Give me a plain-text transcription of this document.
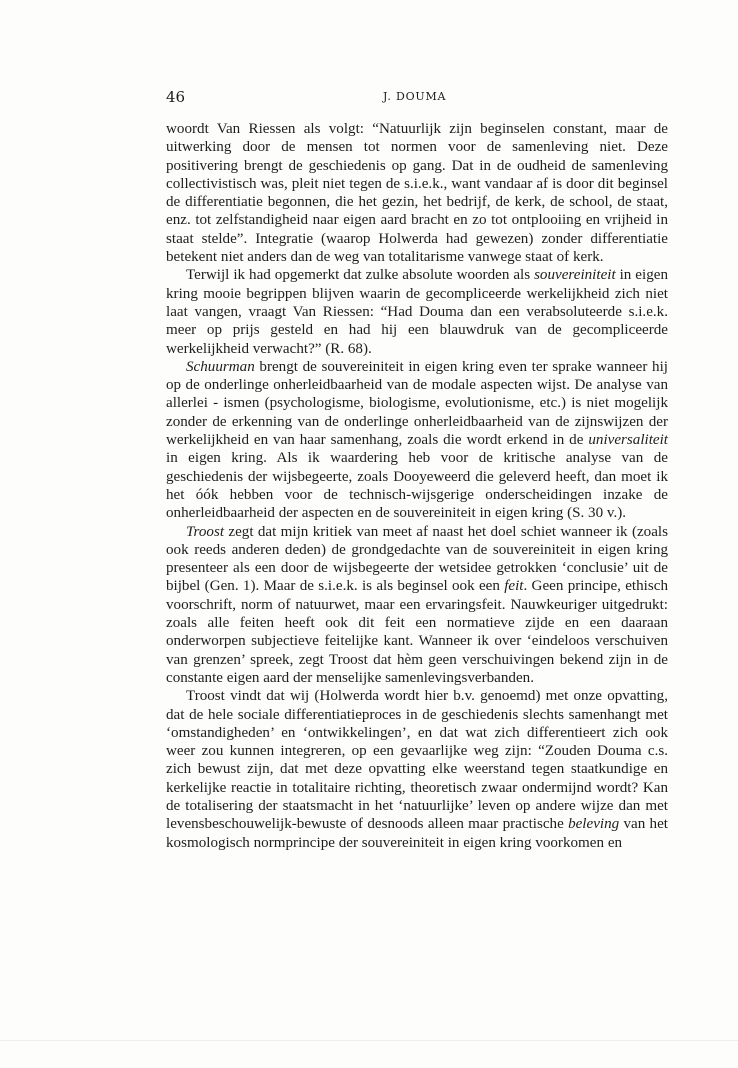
46	J. DOUMA

woordt Van Riessen als volgt: “Natuurlijk zijn beginselen constant, maar de uitwerking door de mensen tot normen voor de samenleving niet. Deze positivering brengt de geschiedenis op gang. Dat in de oudheid de samenleving collectivistisch was, pleit niet tegen de s.i.e.k., want vandaar af is door dit beginsel de differentiatie begonnen, die het gezin, het bedrijf, de kerk, de school, de staat, enz. tot zelfstandigheid naar eigen aard bracht en zo tot ontplooiing en vrijheid in staat stelde”. Integratie (waarop Holwerda had gewezen) zonder differentiatie betekent niet anders dan de weg van totalitarisme vanwege staat of kerk.

Terwijl ik had opgemerkt dat zulke absolute woorden als souvereiniteit in eigen kring mooie begrippen blijven waarin de gecompliceerde werkelijkheid zich niet laat vangen, vraagt Van Riessen: “Had Douma dan een verabsoluteerde s.i.e.k. meer op prijs gesteld en had hij een blauwdruk van de gecompliceerde werkelijkheid verwacht?” (R. 68).

Schuurman brengt de souvereiniteit in eigen kring even ter sprake wanneer hij op de onderlinge onherleidbaarheid van de modale aspecten wijst. De analyse van allerlei - ismen (psychologisme, biologisme, evolutionisme, etc.) is niet mogelijk zonder de erkenning van de onderlinge onherleidbaarheid van de zijnswijzen der werkelijkheid en van haar samenhang, zoals die wordt erkend in de universaliteit in eigen kring. Als ik waardering heb voor de kritische analyse van de geschiedenis der wijsbegeerte, zoals Dooyeweerd die geleverd heeft, dan moet ik het óók hebben voor de technisch-wijsgerige onderscheidingen inzake de onherleidbaarheid der aspecten en de souvereiniteit in eigen kring (S. 30 v.).

Troost zegt dat mijn kritiek van meet af naast het doel schiet wanneer ik (zoals ook reeds anderen deden) de grondgedachte van de souvereiniteit in eigen kring presenteer als een door de wijsbegeerte der wetsidee getrokken ‘conclusie’ uit de bijbel (Gen. 1). Maar de s.i.e.k. is als beginsel ook een feit. Geen principe, ethisch voorschrift, norm of natuurwet, maar een ervaringsfeit. Nauwkeuriger uitgedrukt: zoals alle feiten heeft ook dit feit een normatieve zijde en een daaraan onderworpen subjectieve feitelijke kant. Wanneer ik over ‘eindeloos verschuiven van grenzen’ spreek, zegt Troost dat hèm geen verschuivingen bekend zijn in de constante eigen aard der menselijke samenlevingsverbanden.

Troost vindt dat wij (Holwerda wordt hier b.v. genoemd) met onze opvatting, dat de hele sociale differentiatieproces in de geschiedenis slechts samenhangt met ‘omstandigheden’ en ‘ontwikkelingen’, en dat wat zich differentieert zich ook weer zou kunnen integreren, op een gevaarlijke weg zijn: “Zouden Douma c.s. zich bewust zijn, dat met deze opvatting elke weerstand tegen staatkundige en kerkelijke reactie in totalitaire richting, theoretisch zwaar ondermijnd wordt? Kan de totalisering der staatsmacht in het ‘natuurlijke’ leven op andere wijze dan met levensbeschouwelijk-bewuste of desnoods alleen maar practische beleving van het kosmologisch normprincipe der souvereiniteit in eigen kring voorkomen en
